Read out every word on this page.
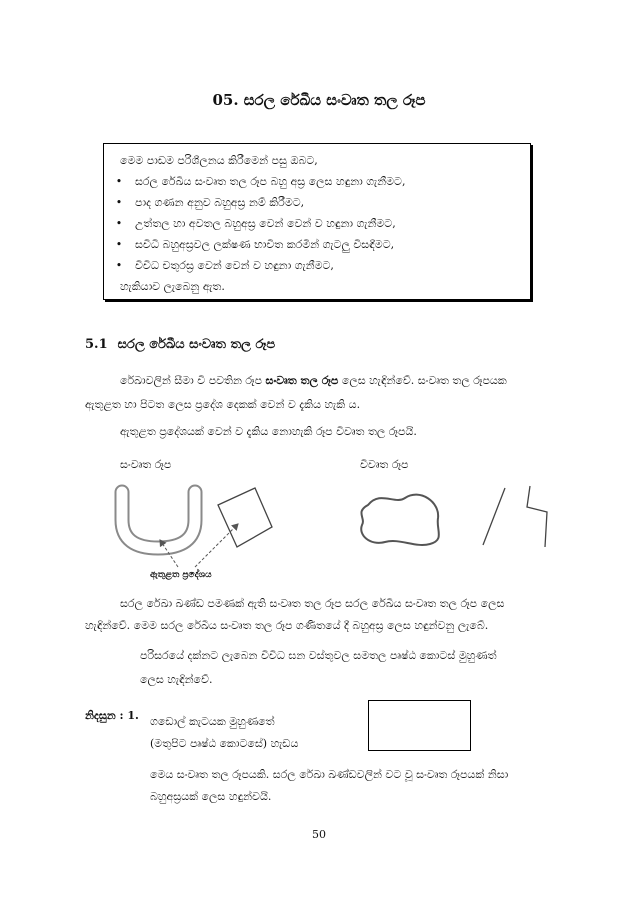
05. සරල රේඛීය සංවෘත තල රූප
මෙම පාඩම පරිශීලනය කිරීමෙන් පසු ඔබට,
• සරල රේඛීය සංවෘත තල රූප බහු අස්‍ර ලෙස හඳුනා ගැනීමට,
• පාද ගණන අනුව බහුඅස්‍ර නම් කිරීමට,
• උත්තල හා අවතල බහුඅස්‍ර වෙන් වෙන් ව හඳුනා ගැනීමට,
• සවිධි බහුඅස්‍රවල ලක්ෂණ භාවිත කරමින් ගැටලු විසඳීමට,
• විවිධ චතුරස්‍ර වෙන් වෙන් ව හඳුනා ගැනීමට,
හැකියාව ලැබෙනු ඇත.
5.1 සරල රේඛීය සංවෘත තල රූප
රේඛාවලින් සීමා වී පවතින රූප සංවෘත තල රූප ලෙස හැඳින්වේ. සංවෘත තල රූපයක
ඇතුළත හා පිටත ලෙස ප්‍රදේශ දෙකක් වෙන් ව දැකිය හැකි ය.
ඇතුළත ප්‍රදේශයක් වෙන් ව දැකිය නොහැකි රූප විවෘත තල රූපයි.
සංවෘත රූප	විවෘත රූප
ඇතුළත ප්‍රදේශය
සරල රේඛා ඛණ්ඩ පමණක් ඇති සංවෘත තල රූප සරල රේඛීය සංවෘත තල රූප ලෙස
හැඳින්වේ. මෙම සරල රේඛීය සංවෘත තල රූප ගණිතයේ දී බහුඅස්‍ර ලෙස හඳුන්වනු ලැබේ.
පරිසරයේ දක්නට ලැබෙන විවිධ ඝන වස්තුවල සමතල පෘෂ්ඨ කොටස් මුහුණත්
ලෙස හැඳින්වේ.
නිදසුන : 1.	ගඩොල් කැටයක මුහුණතේ
(මතුපිට පෘෂ්ඨ කොටසේ) හැඩය
මෙය සංවෘත තල රූපයකි. සරල රේඛා ඛණ්ඩවලින් වට වූ සංවෘත රූපයක් නිසා
බහුඅස්‍රයක් ලෙස හඳුන්වයි.
50
